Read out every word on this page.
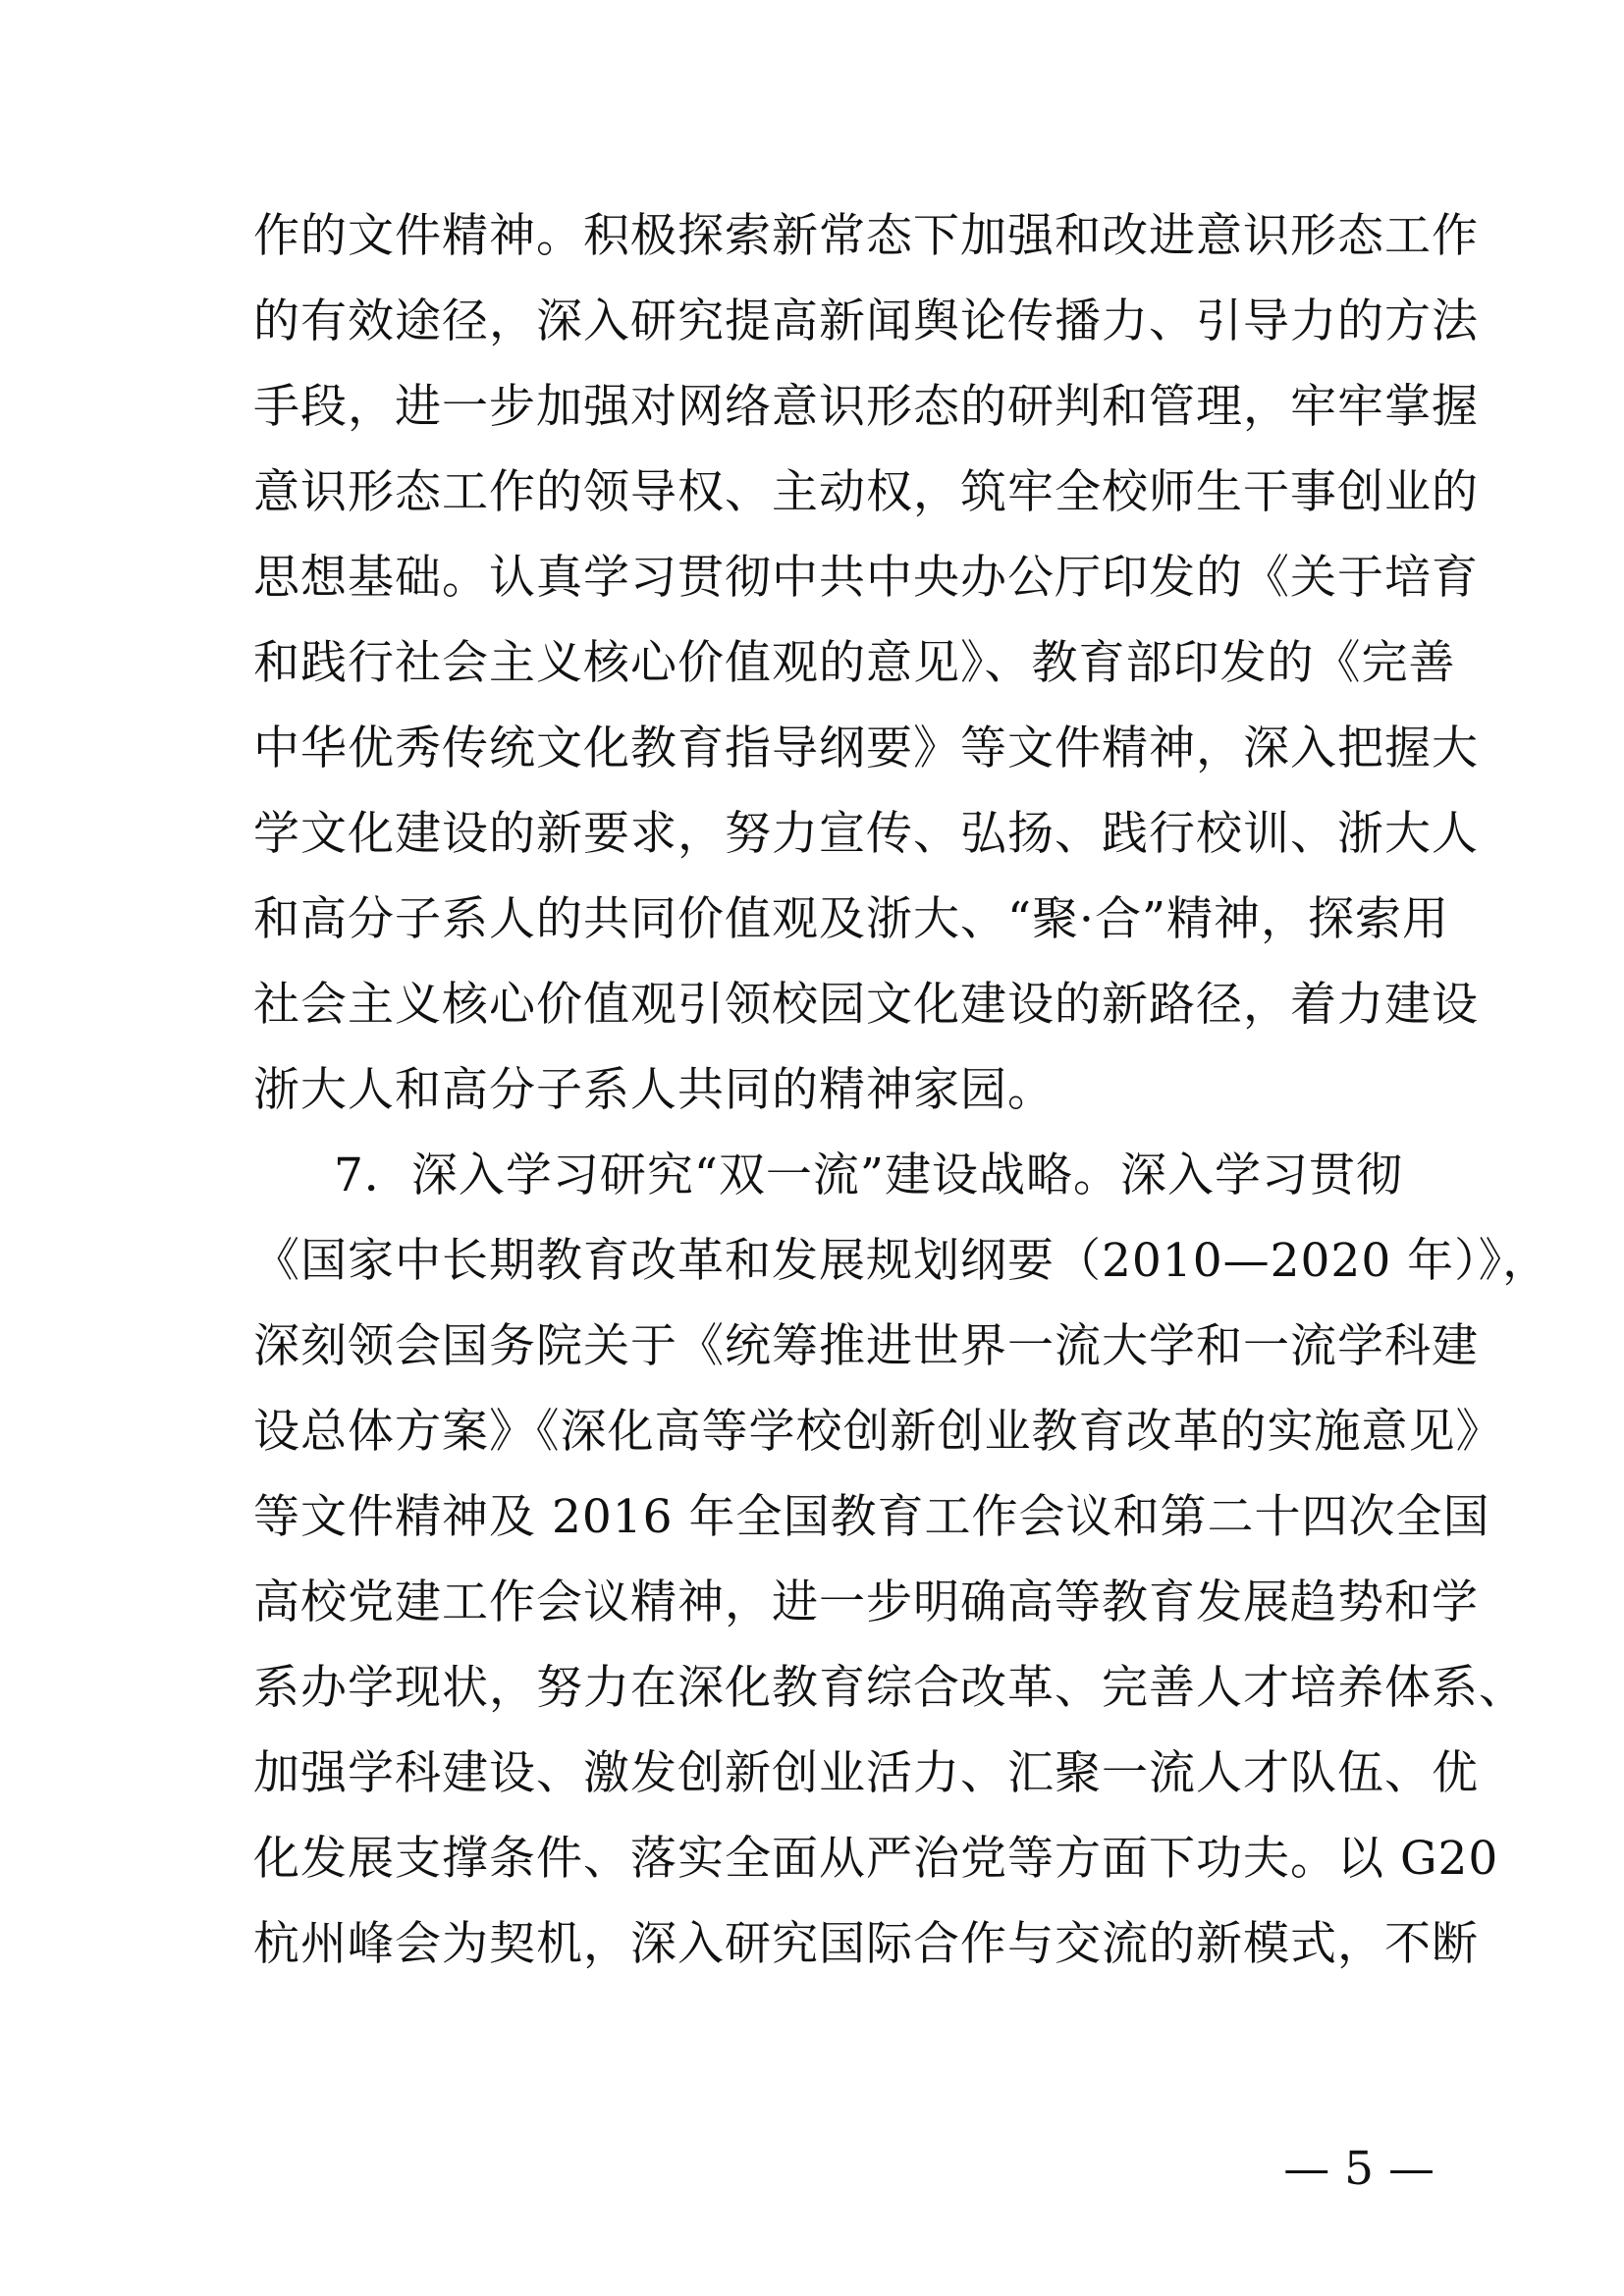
作的文件精神。积极探索新常态下加强和改进意识形态工作
的有效途径，深入研究提高新闻舆论传播力、引导力的方法
手段，进一步加强对网络意识形态的研判和管理，牢牢掌握
意识形态工作的领导权、主动权，筑牢全校师生干事创业的
思想基础。认真学习贯彻中共中央办公厅印发的《关于培育
和践行社会主义核心价值观的意见》、教育部印发的《完善
中华优秀传统文化教育指导纲要》等文件精神，深入把握大
学文化建设的新要求，努力宣传、弘扬、践行校训、浙大人
和高分子系人的共同价值观及浙大、“聚·合”精神，探索用
社会主义核心价值观引领校园文化建设的新路径，着力建设
浙大人和高分子系人共同的精神家园。
7．深入学习研究“双一流”建设战略。深入学习贯彻
《国家中长期教育改革和发展规划纲要（2010—2020 年）》，
深刻领会国务院关于《统筹推进世界一流大学和一流学科建
设总体方案》《深化高等学校创新创业教育改革的实施意见》
等文件精神及 2016 年全国教育工作会议和第二十四次全国
高校党建工作会议精神，进一步明确高等教育发展趋势和学
系办学现状，努力在深化教育综合改革、完善人才培养体系、
加强学科建设、激发创新创业活力、汇聚一流人才队伍、优
化发展支撑条件、落实全面从严治党等方面下功夫。以 G20
杭州峰会为契机，深入研究国际合作与交流的新模式，不断
— 5 —
